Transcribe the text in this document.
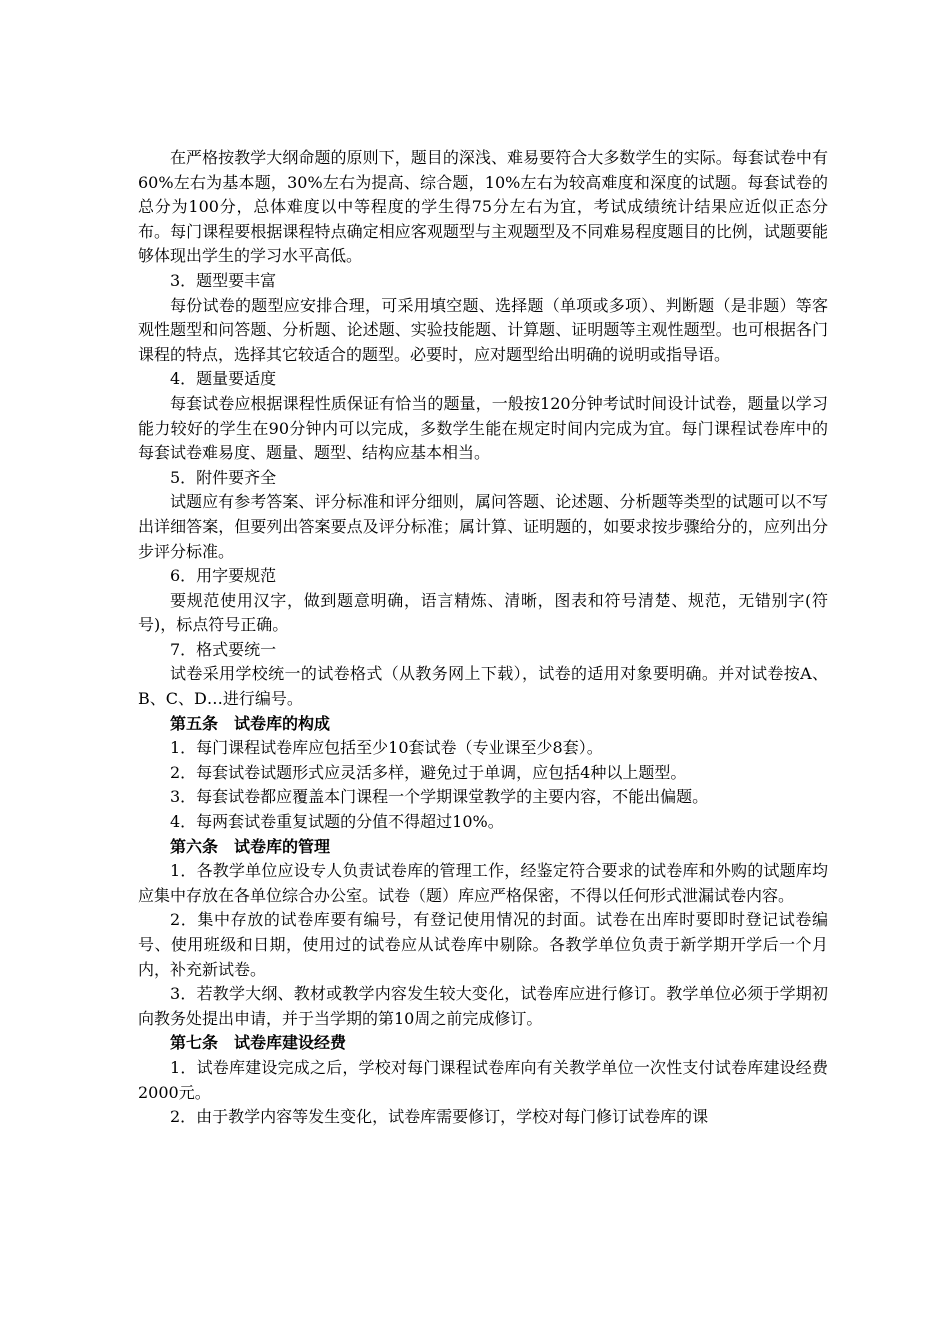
在严格按教学大纲命题的原则下，题目的深浅、难易要符合大多数学生的实际。每套试卷中有60%左右为基本题，30%左右为提高、综合题，10%左右为较高难度和深度的试题。每套试卷的总分为100分，总体难度以中等程度的学生得75分左右为宜，考试成绩统计结果应近似正态分布。每门课程要根据课程特点确定相应客观题型与主观题型及不同难易程度题目的比例，试题要能够体现出学生的学习水平高低。

3．题型要丰富

每份试卷的题型应安排合理，可采用填空题、选择题（单项或多项）、判断题（是非题）等客观性题型和问答题、分析题、论述题、实验技能题、计算题、证明题等主观性题型。也可根据各门课程的特点，选择其它较适合的题型。必要时，应对题型给出明确的说明或指导语。

4．题量要适度

每套试卷应根据课程性质保证有恰当的题量，一般按120分钟考试时间设计试卷，题量以学习能力较好的学生在90分钟内可以完成，多数学生能在规定时间内完成为宜。每门课程试卷库中的每套试卷难易度、题量、题型、结构应基本相当。

5．附件要齐全

试题应有参考答案、评分标准和评分细则，属问答题、论述题、分析题等类型的试题可以不写出详细答案，但要列出答案要点及评分标准；属计算、证明题的，如要求按步骤给分的，应列出分步评分标准。

6．用字要规范

要规范使用汉字，做到题意明确，语言精炼、清晰，图表和符号清楚、规范，无错别字(符号)，标点符号正确。

7．格式要统一

试卷采用学校统一的试卷格式（从教务网上下载），试卷的适用对象要明确。并对试卷按A、B、C、D…进行编号。

第五条　试卷库的构成

1．每门课程试卷库应包括至少10套试卷（专业课至少8套）。

2．每套试卷试题形式应灵活多样，避免过于单调，应包括4种以上题型。

3．每套试卷都应覆盖本门课程一个学期课堂教学的主要内容，不能出偏题。

4．每两套试卷重复试题的分值不得超过10%。

第六条　试卷库的管理

1．各教学单位应设专人负责试卷库的管理工作，经鉴定符合要求的试卷库和外购的试题库均应集中存放在各单位综合办公室。试卷（题）库应严格保密，不得以任何形式泄漏试卷内容。

2．集中存放的试卷库要有编号，有登记使用情况的封面。试卷在出库时要即时登记试卷编号、使用班级和日期，使用过的试卷应从试卷库中剔除。各教学单位负责于新学期开学后一个月内，补充新试卷。

3．若教学大纲、教材或教学内容发生较大变化，试卷库应进行修订。教学单位必须于学期初向教务处提出申请，并于当学期的第10周之前完成修订。

第七条　试卷库建设经费

1．试卷库建设完成之后，学校对每门课程试卷库向有关教学单位一次性支付试卷库建设经费2000元。

2．由于教学内容等发生变化，试卷库需要修订，学校对每门修订试卷库的课
